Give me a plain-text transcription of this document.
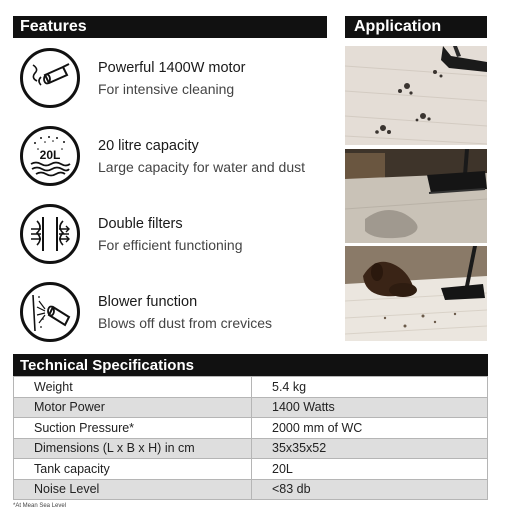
Features	Application
Powerful 1400W motor
For intensive cleaning
20L
20 litre capacity
Large capacity for water and dust
Double filters
For efficient functioning
Blower function
Blows off dust from crevices
Technical Specifications
Weight	5.4 kg
Motor Power	1400 Watts
Suction Pressure*	2000 mm of WC
Dimensions (L x B x H) in cm	35x35x52
Tank capacity	20L
Noise Level	<83 db
*At Mean Sea Level
